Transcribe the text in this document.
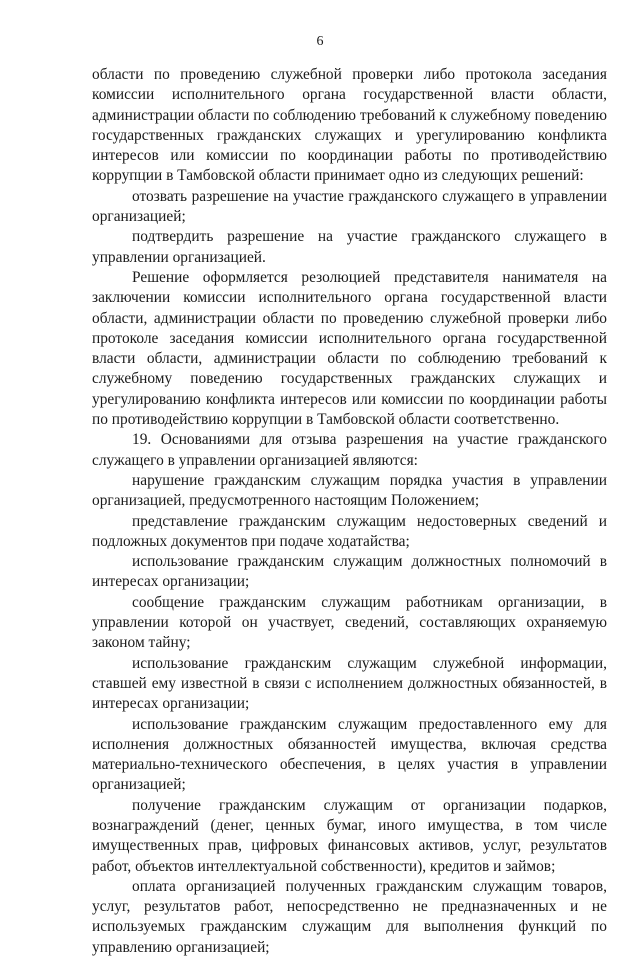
6

области по проведению служебной проверки либо протокола заседания комиссии исполнительного органа государственной власти области, администрации области по соблюдению требований к служебному поведению государственных гражданских служащих и урегулированию конфликта интересов или комиссии по координации работы по противодействию коррупции в Тамбовской области принимает одно из следующих решений:

отозвать разрешение на участие гражданского служащего в управлении организацией;

подтвердить разрешение на участие гражданского служащего в управлении организацией.

Решение оформляется резолюцией представителя нанимателя на заключении комиссии исполнительного органа государственной власти области, администрации области по проведению служебной проверки либо протоколе заседания комиссии исполнительного органа государственной власти области, администрации области по соблюдению требований к служебному поведению государственных гражданских служащих и урегулированию конфликта интересов или комиссии по координации работы по противодействию коррупции в Тамбовской области соответственно.

19. Основаниями для отзыва разрешения на участие гражданского служащего в управлении организацией являются:

нарушение гражданским служащим порядка участия в управлении организацией, предусмотренного настоящим Положением;

представление гражданским служащим недостоверных сведений и подложных документов при подаче ходатайства;

использование гражданским служащим должностных полномочий в интересах организации;

сообщение гражданским служащим работникам организации, в управлении которой он участвует, сведений, составляющих охраняемую законом тайну;

использование гражданским служащим служебной информации, ставшей ему известной в связи с исполнением должностных обязанностей, в интересах организации;

использование гражданским служащим предоставленного ему для исполнения должностных обязанностей имущества, включая средства материально-технического обеспечения, в целях участия в управлении организацией;

получение гражданским служащим от организации подарков, вознаграждений (денег, ценных бумаг, иного имущества, в том числе имущественных прав, цифровых финансовых активов, услуг, результатов работ, объектов интеллектуальной собственности), кредитов и займов;

оплата организацией полученных гражданским служащим товаров, услуг, результатов работ, непосредственно не предназначенных и не используемых гражданским служащим для выполнения функций по управлению организацией;
